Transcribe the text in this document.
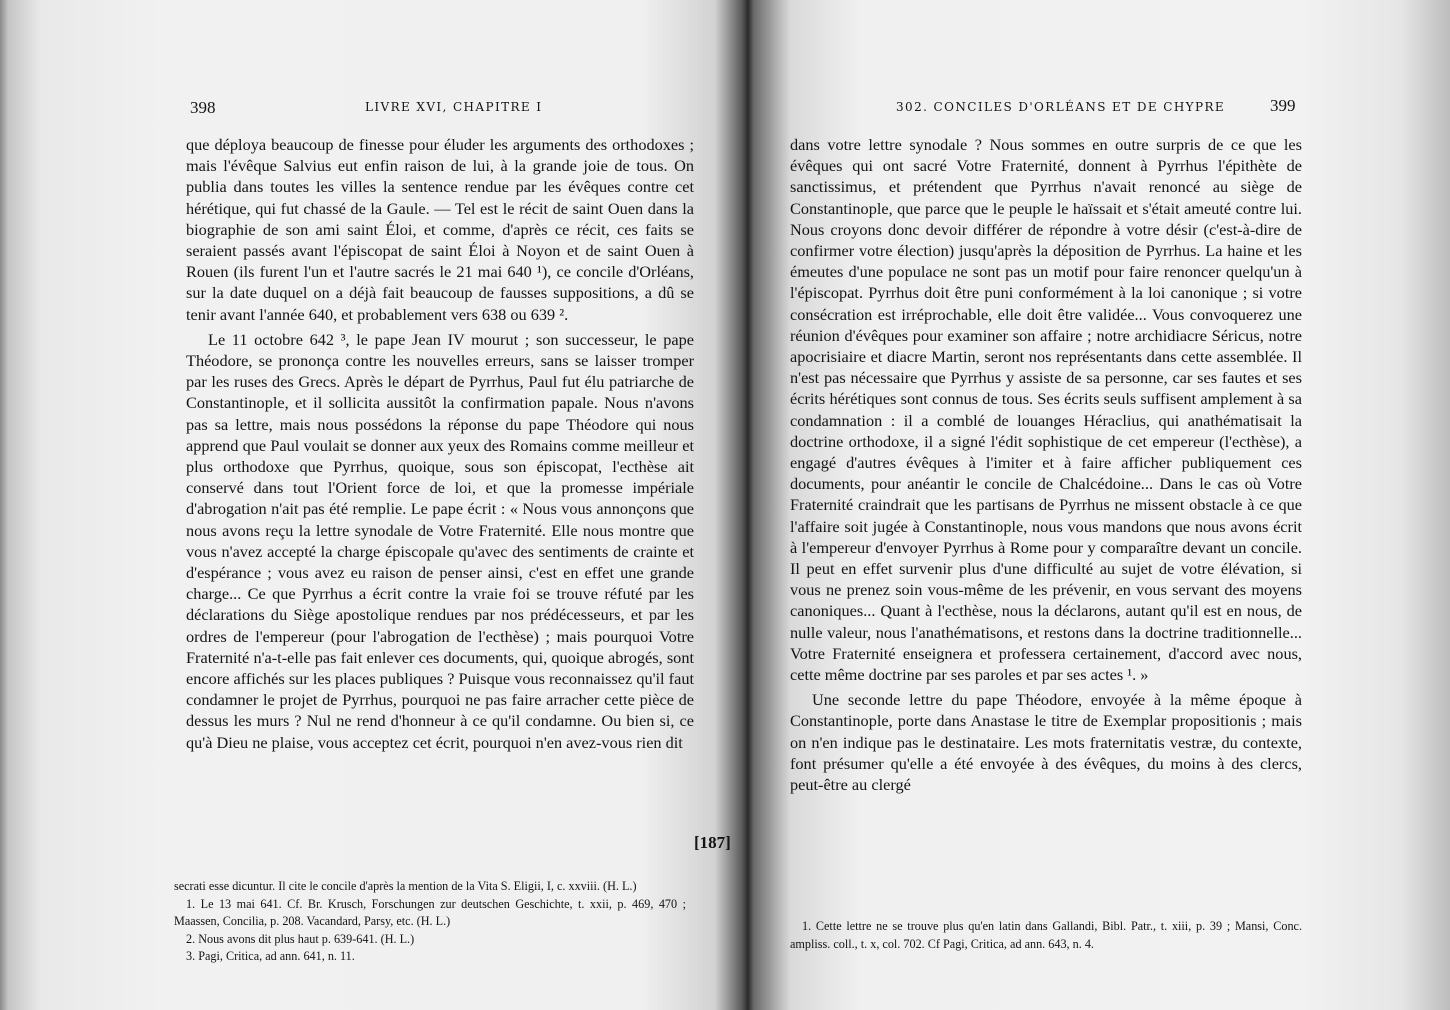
398	LIVRE XVI, CHAPITRE I

que déploya beaucoup de finesse pour éluder les arguments des orthodoxes ; mais l'évêque Salvius eut enfin raison de lui, à la grande joie de tous. On publia dans toutes les villes la sentence rendue par les évêques contre cet hérétique, qui fut chassé de la Gaule. — Tel est le récit de saint Ouen dans la biographie de son ami saint Éloi, et comme, d'après ce récit, ces faits se seraient passés avant l'épiscopat de saint Éloi à Noyon et de saint Ouen à Rouen (ils furent l'un et l'autre sacrés le 21 mai 640 ¹), ce concile d'Orléans, sur la date duquel on a déjà fait beaucoup de fausses suppositions, a dû se tenir avant l'année 640, et probablement vers 638 ou 639 ².

Le 11 octobre 642 ³, le pape Jean IV mourut ; son successeur, le pape Théodore, se prononça contre les nouvelles erreurs, sans se laisser tromper par les ruses des Grecs. Après le départ de Pyrrhus, Paul fut élu patriarche de Constantinople, et il sollicita aussitôt la confirmation papale. Nous n'avons pas sa lettre, mais nous possédons la réponse du pape Théodore qui nous apprend que Paul voulait se donner aux yeux des Romains comme meilleur et plus orthodoxe que Pyrrhus, quoique, sous son épiscopat, l'ecthèse ait conservé dans tout l'Orient force de loi, et que la promesse impériale d'abrogation n'ait pas été remplie. Le pape écrit : « Nous vous annonçons que nous avons reçu la lettre synodale de Votre Fraternité. Elle nous montre que vous n'avez accepté la charge épiscopale qu'avec des sentiments de crainte et d'espérance ; vous avez eu raison de penser ainsi, c'est en effet une grande charge... Ce que Pyrrhus a écrit contre la vraie foi se trouve réfuté par les déclarations du Siège apostolique rendues par nos prédécesseurs, et par les ordres de l'empereur (pour l'abrogation de l'ecthèse) ; mais pourquoi Votre Fraternité n'a-t-elle pas fait enlever ces documents, qui, quoique abrogés, sont encore affichés sur les places publiques ? Puisque vous reconnaissez qu'il faut condamner le projet de Pyrrhus, pourquoi ne pas faire arracher cette pièce de dessus les murs ? Nul ne rend d'honneur à ce qu'il condamne. Ou bien si, ce qu'à Dieu ne plaise, vous acceptez cet écrit, pourquoi n'en avez-vous rien dit

[187]
secrati esse dicuntur. Il cite le concile d'après la mention de la Vita S. Eligii, I, c. xxviii. (H. L.)
1. Le 13 mai 641. Cf. Br. Krusch, Forschungen zur deutschen Geschichte, t. xxii, p. 469, 470 ; Maassen, Concilia, p. 208. Vacandard, Parsy, etc. (H. L.)
2. Nous avons dit plus haut p. 639-641. (H. L.)
3. Pagi, Critica, ad ann. 641, n. 11.
302. CONCILES D'ORLÉANS ET DE CHYPRE	399

dans votre lettre synodale ? Nous sommes en outre surpris de ce que les évêques qui ont sacré Votre Fraternité, donnent à Pyrrhus l'épithète de sanctissimus, et prétendent que Pyrrhus n'avait renoncé au siège de Constantinople, que parce que le peuple le haïssait et s'était ameuté contre lui. Nous croyons donc devoir différer de répondre à votre désir (c'est-à-dire de confirmer votre élection) jusqu'après la déposition de Pyrrhus. La haine et les émeutes d'une populace ne sont pas un motif pour faire renoncer quelqu'un à l'épiscopat. Pyrrhus doit être puni conformément à la loi canonique ; si votre consécration est irréprochable, elle doit être validée... Vous convoquerez une réunion d'évêques pour examiner son affaire ; notre archidiacre Séricus, notre apocrisiaire et diacre Martin, seront nos représentants dans cette assemblée. Il n'est pas nécessaire que Pyrrhus y assiste de sa personne, car ses fautes et ses écrits hérétiques sont connus de tous. Ses écrits seuls suffisent amplement à sa condamnation : il a comblé de louanges Héraclius, qui anathématisait la doctrine orthodoxe, il a signé l'édit sophistique de cet empereur (l'ecthèse), a engagé d'autres évêques à l'imiter et à faire afficher publiquement ces documents, pour anéantir le concile de Chalcédoine... Dans le cas où Votre Fraternité craindrait que les partisans de Pyrrhus ne missent obstacle à ce que l'affaire soit jugée à Constantinople, nous vous mandons que nous avons écrit à l'empereur d'envoyer Pyrrhus à Rome pour y comparaître devant un concile. Il peut en effet survenir plus d'une difficulté au sujet de votre élévation, si vous ne prenez soin vous-même de les prévenir, en vous servant des moyens canoniques... Quant à l'ecthèse, nous la déclarons, autant qu'il est en nous, de nulle valeur, nous l'anathématisons, et restons dans la doctrine traditionnelle... Votre Fraternité enseignera et professera certainement, d'accord avec nous, cette même doctrine par ses paroles et par ses actes ¹. »

Une seconde lettre du pape Théodore, envoyée à la même époque à Constantinople, porte dans Anastase le titre de Exemplar propositionis ; mais on n'en indique pas le destinataire. Les mots fraternitatis vestræ, du contexte, font présumer qu'elle a été envoyée à des évêques, du moins à des clercs, peut-être au clergé

1. Cette lettre ne se trouve plus qu'en latin dans Gallandi, Bibl. Patr., t. xiii, p. 39 ; Mansi, Conc. ampliss. coll., t. x, col. 702. Cf Pagi, Critica, ad ann. 643, n. 4.
